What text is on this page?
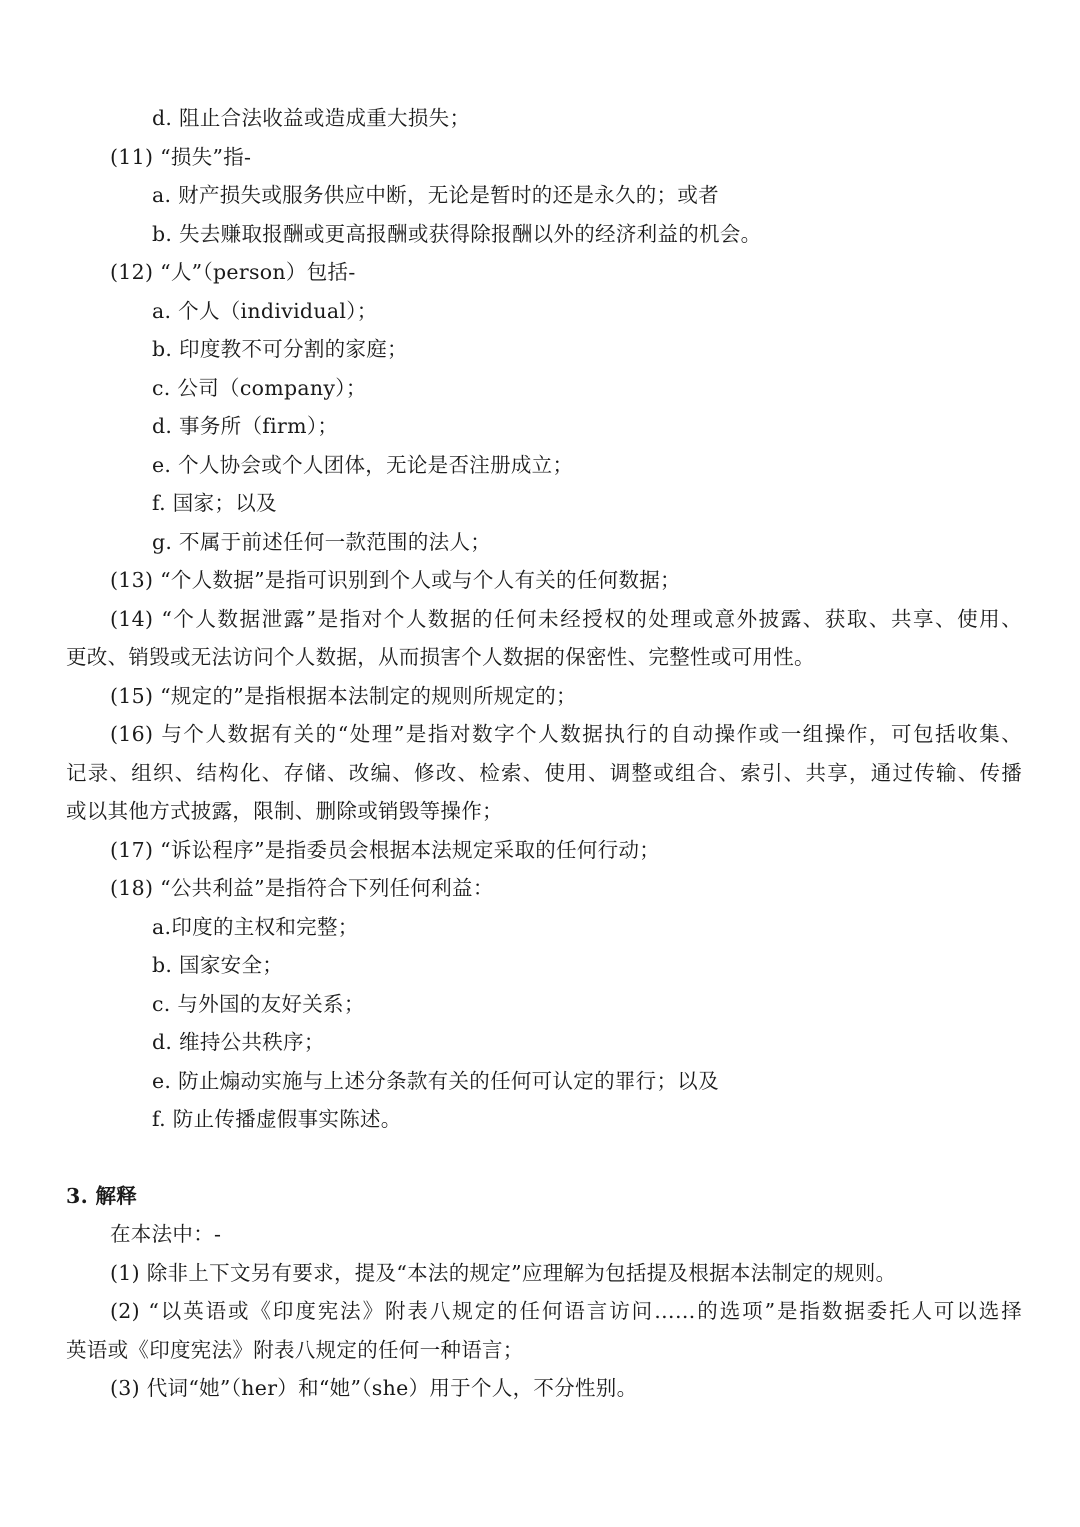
d. 阻止合法收益或造成重大损失；

(11) “损失”指-

a. 财产损失或服务供应中断，无论是暂时的还是永久的；或者

b. 失去赚取报酬或更高报酬或获得除报酬以外的经济利益的机会。

(12) “人”（person）包括-

a. 个人（individual）；

b. 印度教不可分割的家庭；

c. 公司（company）；

d. 事务所（firm）；

e. 个人协会或个人团体，无论是否注册成立；

f. 国家；以及

g. 不属于前述任何一款范围的法人；

(13) “个人数据”是指可识别到个人或与个人有关的任何数据；

(14) “个人数据泄露”是指对个人数据的任何未经授权的处理或意外披露、获取、共享、使用、

更改、销毁或无法访问个人数据，从而损害个人数据的保密性、完整性或可用性。

(15) “规定的”是指根据本法制定的规则所规定的；

(16) 与个人数据有关的“处理”是指对数字个人数据执行的自动操作或一组操作，可包括收集、

记录、组织、结构化、存储、改编、修改、检索、使用、调整或组合、索引、共享，通过传输、传播

或以其他方式披露，限制、删除或销毁等操作；

(17) “诉讼程序”是指委员会根据本法规定采取的任何行动；

(18) “公共利益”是指符合下列任何利益：

a.印度的主权和完整；

b. 国家安全；

c. 与外国的友好关系；

d. 维持公共秩序；

e. 防止煽动实施与上述分条款有关的任何可认定的罪行；以及

f. 防止传播虚假事实陈述。

3. 解释

在本法中：-

(1) 除非上下文另有要求，提及“本法的规定”应理解为包括提及根据本法制定的规则。

(2) “以英语或《印度宪法》附表八规定的任何语言访问……的选项”是指数据委托人可以选择

英语或《印度宪法》附表八规定的任何一种语言；

(3) 代词“她”（her）和“她”（she）用于个人，不分性别。
